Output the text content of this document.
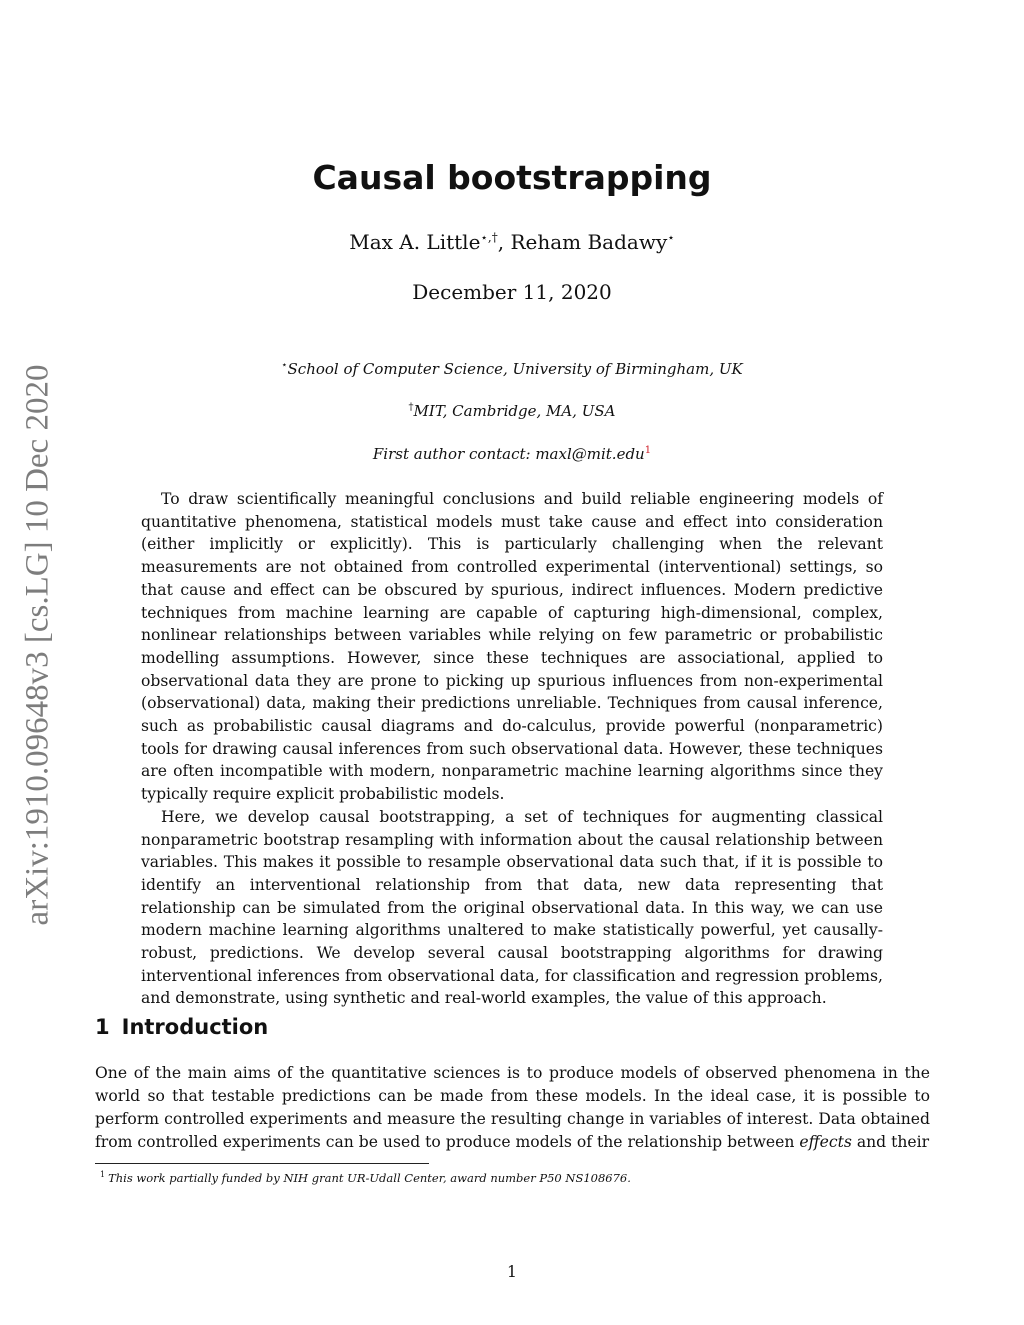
arXiv:1910.09648v3 [cs.LG] 10 Dec 2020
Causal bootstrapping
Max A. Little⋆,†, Reham Badawy⋆
December 11, 2020
⋆School of Computer Science, University of Birmingham, UK
†MIT, Cambridge, MA, USA
First author contact: maxl@mit.edu$^1$

To draw scientifically meaningful conclusions and build reliable engineering models of quantitative phenomena, statistical models must take cause and effect into consideration (either implicitly or explicitly). This is particularly challenging when the relevant measurements are not obtained from controlled experimental (interventional) settings, so that cause and effect can be obscured by spurious, indirect influences. Modern predictive techniques from machine learning are capable of capturing high-dimensional, complex, nonlinear relationships between variables while relying on few parametric or probabilistic modelling assumptions. However, since these techniques are associational, applied to observational data they are prone to picking up spurious influences from non-experimental (observational) data, making their predictions unreliable. Techniques from causal inference, such as probabilistic causal diagrams and do-calculus, provide powerful (nonparametric) tools for drawing causal inferences from such observational data. However, these techniques are often incompatible with modern, nonparametric machine learning algorithms since they typically require explicit probabilistic models.

Here, we develop causal bootstrapping, a set of techniques for augmenting classical nonparametric bootstrap resampling with information about the causal relationship between variables. This makes it possible to resample observational data such that, if it is possible to identify an interventional relationship from that data, new data representing that relationship can be simulated from the original observational data. In this way, we can use modern machine learning algorithms unaltered to make statistically powerful, yet causally-robust, predictions. We develop several causal bootstrapping algorithms for drawing interventional inferences from observational data, for classification and regression problems, and demonstrate, using synthetic and real-world examples, the value of this approach.

1 Introduction

One of the main aims of the quantitative sciences is to produce models of observed phenomena in the world so that testable predictions can be made from these models. In the ideal case, it is possible to perform controlled experiments and measure the resulting change in variables of interest. Data obtained from controlled experiments can be used to produce models of the relationship between effects and their

$^1$ This work partially funded by NIH grant UR-Udall Center, award number P50 NS108676.
1
